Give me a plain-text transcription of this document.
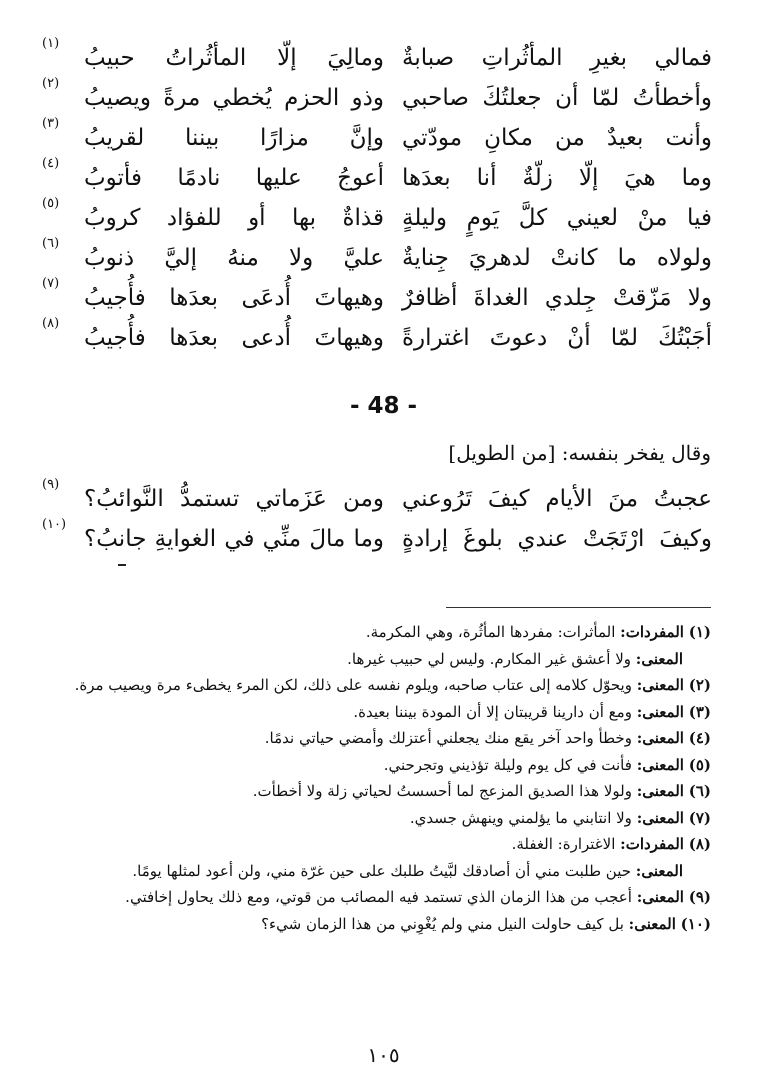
فمالي بغيرِ المأثُراتِ صبابةٌ
ومالِيَ إلّا المأثُراتُ حبيبُ
(١)
وأخطأتُ لمّا أن جعلتُكَ صاحبي
وذو الحزم يُخطي مرةً ويصيبُ
(٢)
وأنت بعيدٌ من مكانِ مودّتي
وإنَّ مزارًا بيننا لقريبُ
(٣)
وما هيَ إلّا زلّةٌ أنا بعدَها
أعوجُ عليها نادمًا فأتوبُ
(٤)
فيا منْ لعيني كلَّ يَومٍ وليلةٍ
قذاةٌ بها أو للفؤاد كروبُ
(٥)
ولولاه ما كانتْ لدهريَ جِنايةٌ
عليَّ ولا منهُ إليَّ ذنوبُ
(٦)
ولا مَزّقتْ جِلدي الغداةَ أظافرٌ
وهيهاتَ أُدعَى بعدَها فأُجيبُ
(٧)
أجَبْتُكَ لمّا أنْ دعوتَ اغترارةً
وهيهاتَ أُدعى بعدَها فأُجيبُ
(٨)
- 48 -
وقال يفخر بنفسه: [من الطويل]
عجبتُ منَ الأيام كيفَ تَرُوعني
ومن عَزَماتي تستمدُّ النَّوائبُ؟
(٩)
وكيفَ ارْتَجَتْ عندي بلوغَ إرادةٍ
وما مالَ منِّي في الغوايةِ جانبُ؟
(١٠)

(١) المفردات: المأثرات: مفردها المأثُرة، وهي المكرمة.

المعنى: ولا أعشق غير المكارم. وليس لي حبيب غيرها.

(٢) المعنى: ويحوّل كلامه إلى عتاب صاحبه، ويلوم نفسه على ذلك، لكن المرء يخطىء مرة ويصيب مرة.

(٣) المعنى: ومع أن دارينا قريبتان إلا أن المودة بيننا بعيدة.

(٤) المعنى: وخطأ واحد آخر يقع منك يجعلني أعتزلك وأمضي حياتي ندمًا.

(٥) المعنى: فأنت في كل يوم وليلة تؤذيني وتجرحني.

(٦) المعنى: ولولا هذا الصديق المزعج لما أحسستُ لحياتي زلة ولا أخطأت.

(٧) المعنى: ولا انتابني ما يؤلمني وينهش جسدي.

(٨) المفردات: الاغترارة: الغفلة.

المعنى: حين طلبت مني أن أصادقك لبَّيتُ طلبك على حين غرّة مني، ولن أعود لمثلها يومًا.

(٩) المعنى: أعجب من هذا الزمان الذي تستمد فيه المصائب من قوتي، ومع ذلك يحاول إخافتي.

(١٠) المعنى: بل كيف حاولت النيل مني ولم يُغْوِني من هذا الزمان شيء؟

١٠٥
